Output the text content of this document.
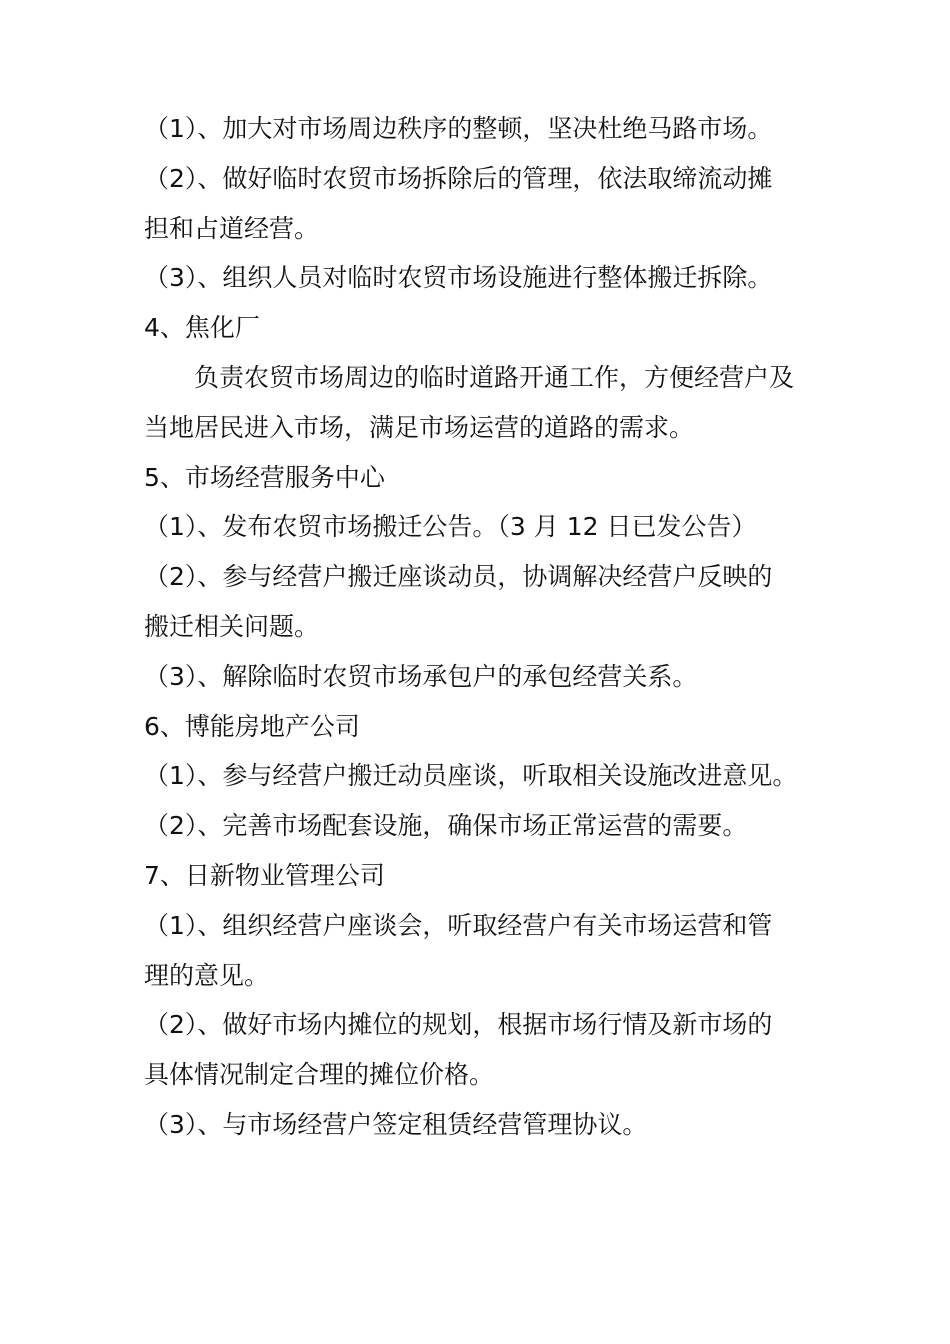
（1）、加大对市场周边秩序的整顿，坚决杜绝马路市场。
（2）、做好临时农贸市场拆除后的管理，依法取缔流动摊
担和占道经营。
（3）、组织人员对临时农贸市场设施进行整体搬迁拆除。
4、焦化厂
负责农贸市场周边的临时道路开通工作，方便经营户及
当地居民进入市场，满足市场运营的道路的需求。
5、市场经营服务中心
（1）、发布农贸市场搬迁公告。（3 月 12 日已发公告）
（2）、参与经营户搬迁座谈动员，协调解决经营户反映的
搬迁相关问题。
（3）、解除临时农贸市场承包户的承包经营关系。
6、博能房地产公司
（1）、参与经营户搬迁动员座谈，听取相关设施改进意见。
（2）、完善市场配套设施，确保市场正常运营的需要。
7、日新物业管理公司
（1）、组织经营户座谈会，听取经营户有关市场运营和管
理的意见。
（2）、做好市场内摊位的规划，根据市场行情及新市场的
具体情况制定合理的摊位价格。
（3）、与市场经营户签定租赁经营管理协议。
